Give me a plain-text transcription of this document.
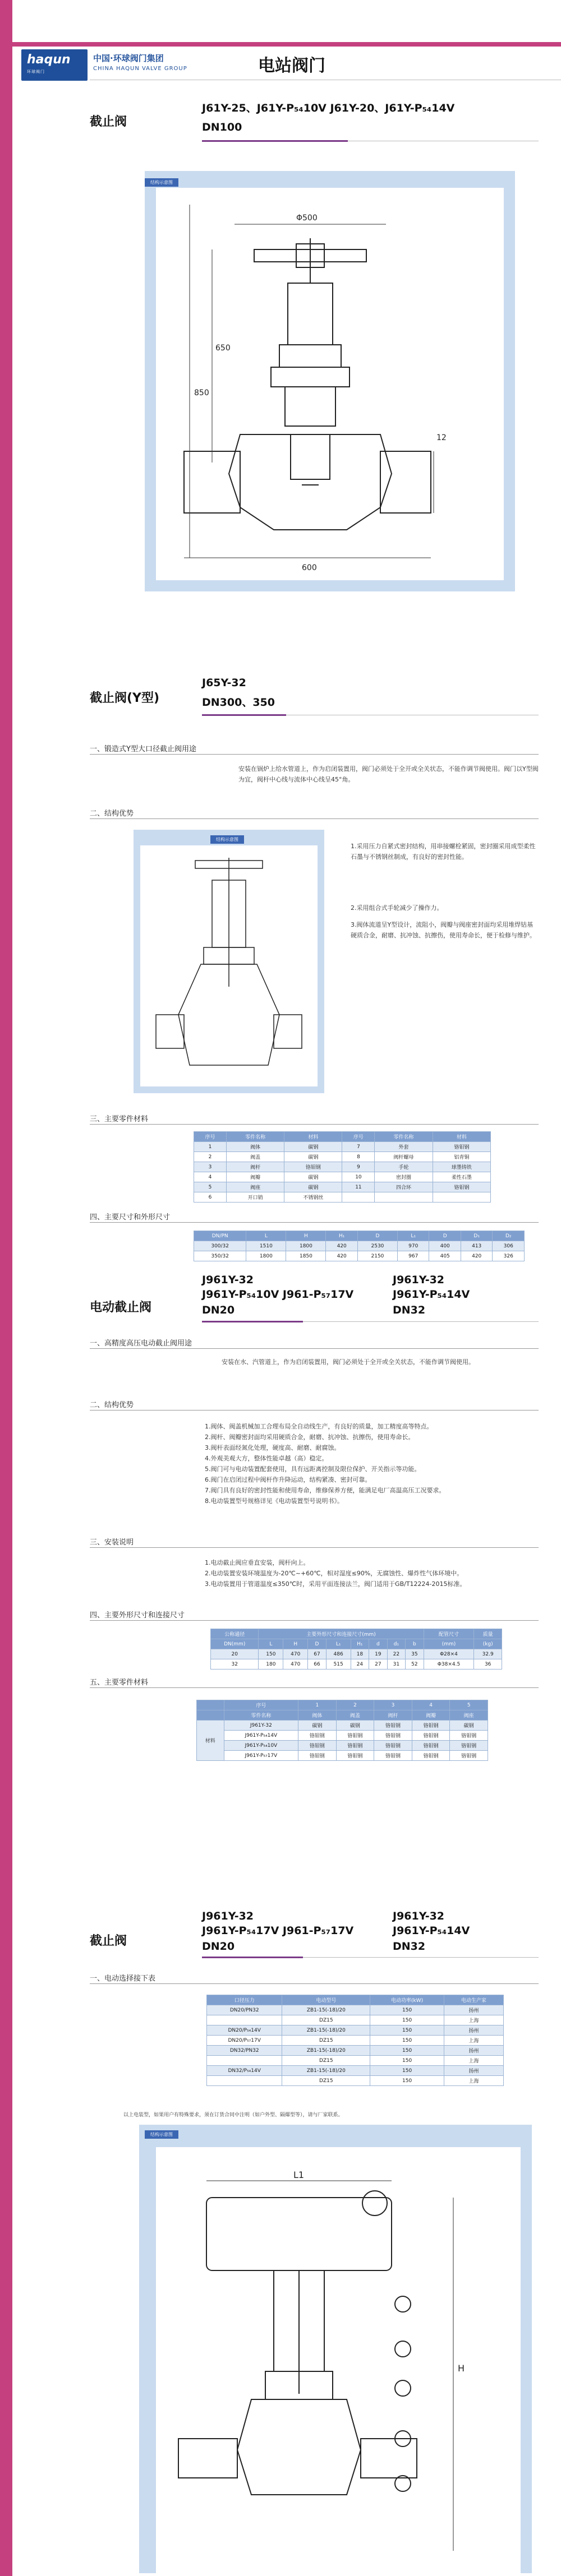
haqun
环球阀门
中国·环球阀门集团
CHINA HAQUN VALVE GROUP	电站阀门
截止阀
J61Y-25、J61Y-P₅₄10V J61Y-20、J61Y-P₅₄14V
DN100
结构示意图
Φ500
850
650
12
600
截止阀(Y型)
J65Y-32
DN300、350
一、锻造式Y型大口径截止阀用途
安装在锅炉上给水管道上，作为启闭装置用，阀门必须处于全开或全关状态，不能作调节阀使用。阀门以Y型阀为宜，阀杆中心线与流体中心线呈45°角。
二、结构优势
结构示意图
1.采用压力自紧式密封结构，用串接螺栓紧固，密封圈采用成型柔性石墨与不锈钢丝制成，有良好的密封性能。
2.采用组合式手轮减少了操作力。
3.阀体流道呈Y型设计，流阻小，阀瓣与阀座密封面均采用堆焊钴基硬质合金，耐磨、抗冲蚀、抗擦伤，使用寿命长，便于检修与维护。
三、主要零件材料
序号	零件名称	材料	序号	零件名称	材料
1	阀体	碳钢	7	外套	铬钼钢
2	阀盖	碳钢	8	阀杆螺母	铝青铜
3	阀杆	铬钼钢	9	手轮	球墨铸铁
4	阀瓣	碳钢	10	密封圈	柔性石墨
5	阀座	碳钢	11	四合环	铬钼钢
6	开口销	不锈钢丝			
四、主要尺寸和外形尺寸
DN/PN	L	H	H₁	D	L₁	D	D₁	D₂
300/32	1510	1800	420	2530	970	400	413	306
350/32	1800	1850	420	2150	967	405	420	326
电动截止阀
J961Y-32
J961Y-P₅₄10V J961-P₅₇17V
DN20
J961Y-32
J961Y-P₅₄14V
DN32
一、高精度高压电动截止阀用途
安装在水、汽管道上，作为启闭装置用，阀门必须处于全开或全关状态，不能作调节阀使用。
二、结构优势
1.阀体、阀盖机械加工合理布局全自动线生产，有良好的质量，加工精度高等特点。
2.阀杆、阀瓣密封面均采用硬质合金，耐磨、抗冲蚀、抗擦伤，使用寿命长。
3.阀杆表面经氮化处理，硬度高、耐磨、耐腐蚀。
4.外观美观大方，整体性能卓越（高）稳定。
5.阀门可与电动装置配套使用，具有远距离控制及限位保护、开关指示等功能。
6.阀门在启闭过程中阀杆作升降运动，结构紧凑、密封可靠。
7.阀门具有良好的密封性能和使用寿命，维修保养方便，能满足电厂高温高压工况要求。
8.电动装置型号规格详见《电动装置型号说明书》。
三、安装说明
1.电动截止阀应垂直安装，阀杆向上。
2.电动装置安装环境温度为-20℃~+60℃，相对湿度≤90%，无腐蚀性、爆炸性气体环境中。
3.电动装置用于管道温度≤350℃时，采用平面连接法兰，阀门适用于GB/T12224-2015标准。
四、主要外形尺寸和连接尺寸
公称通径	主要外形尺寸和连接尺寸(mm)								配管尺寸	质量
DN(mm)	L	H	D	L₁	H₁	d	d₁	b	(mm)	(kg)
20	150	470	67	486	18	19	22	35	Φ28×4	32.9
32	180	470	66	515	24	27	31	52	Φ38×4.5	36
五、主要零件材料
	序号	1	2	3	4	5
	零件名称	阀体	阀盖	阀杆	阀瓣	阀座
材料	J961Y-32	碳钢	碳钢	铬钼钢	铬钼钢	碳钢
	J961Y-P₅₄14V	铬钼钢	铬钼钢	铬钼钢	铬钼钢	铬钼钢
	J961Y-P₅₄10V	铬钼钢	铬钼钢	铬钼钢	铬钼钢	铬钼钢
	J961Y-P₅₇17V	铬钼钢	铬钼钢	铬钼钢	铬钼钢	铬钼钢
截止阀
J961Y-32
J961Y-P₅₄17V J961-P₅₇17V
DN20
J961Y-32
J961Y-P₅₄14V
DN32
一、电动选择接下表
口径压力	电动型号	电动功率(kW)	电动生产家
DN20/PN32	ZB1-15(-18)/20	150	扬州
	DZ15	150	上海
DN20/P₅₄14V	ZB1-15(-18)/20	150	扬州
DN20/P₅₇17V	DZ15	150	上海
DN32/PN32	ZB1-15(-18)/20	150	扬州
	DZ15	150	上海
DN32/P₅₄14V	ZB1-15(-18)/20	150	扬州
	DZ15	150	上海
以上电装型，如果用户有特殊要求，须在订货合同中注明（如户外型、隔爆型等），请与厂家联系。
结构示意图
L1
H
